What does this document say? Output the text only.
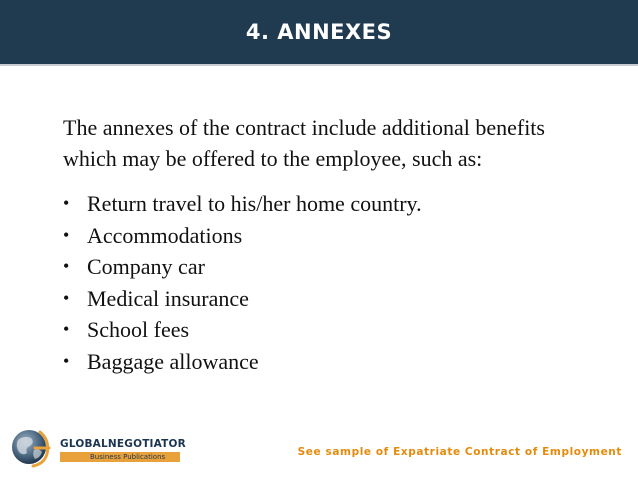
4. ANNEXES
The annexes of the contract include additional benefits
which may be offered to the employee, such as:
• Return travel to his/her home country.
• Accommodations
• Company car
• Medical insurance
• School fees
• Baggage allowance
GLOBALNEGOTIATOR
Business Publications	See sample of Expatriate Contract of Employment
